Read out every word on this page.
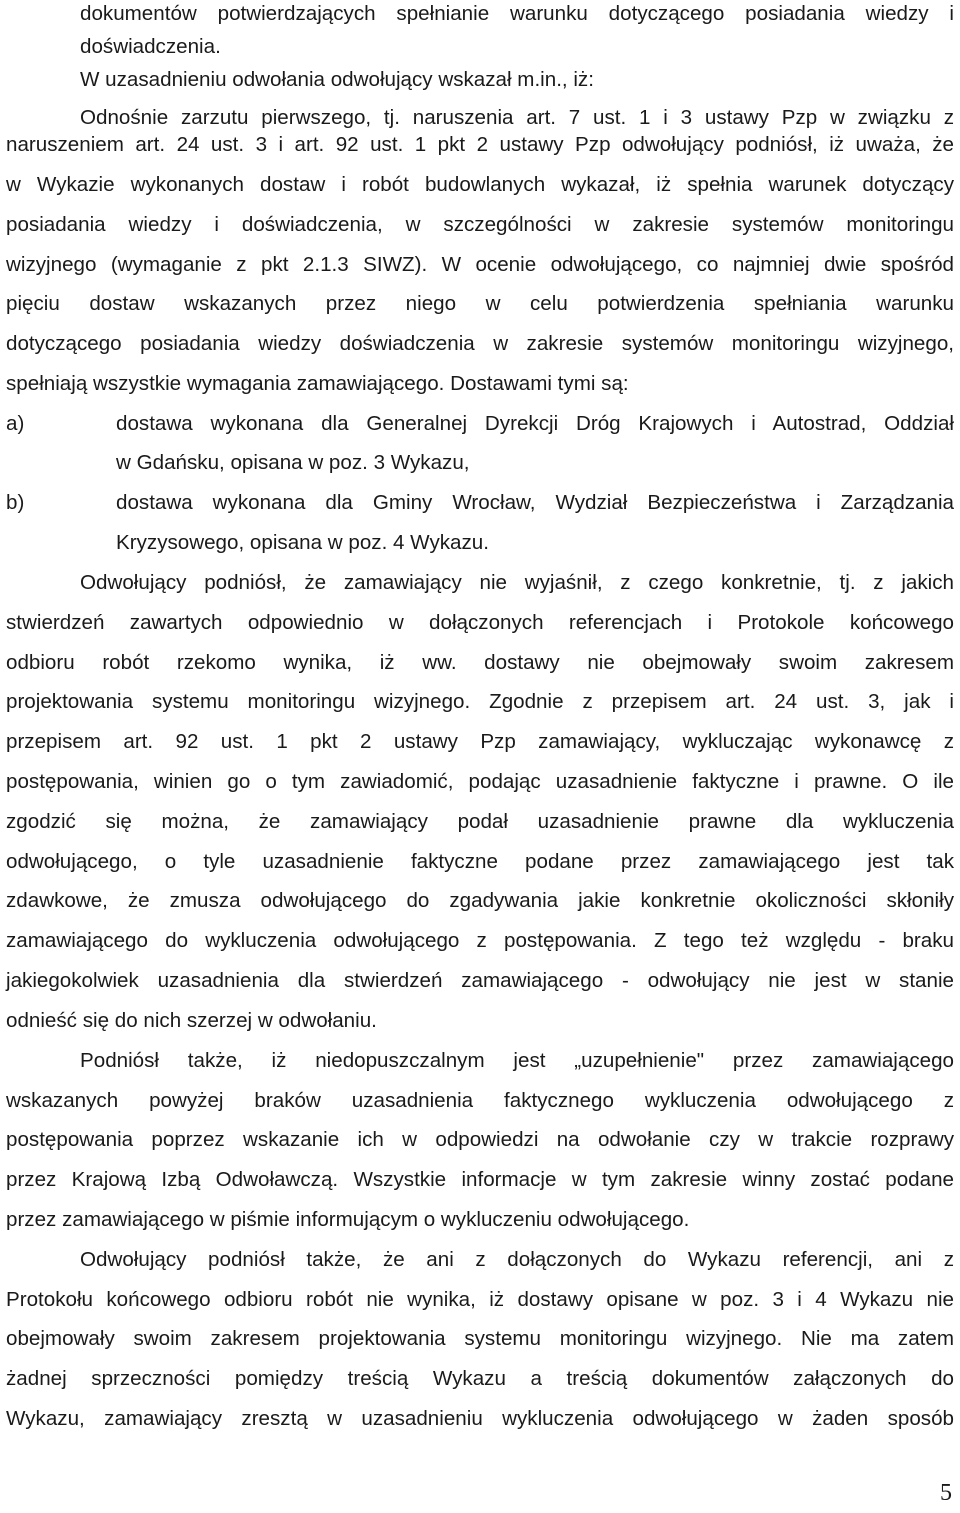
dokumentów potwierdzających spełnianie warunku dotyczącego posiadania wiedzy i
doświadczenia.
W uzasadnieniu odwołania odwołujący wskazał m.in., iż:
Odnośnie zarzutu pierwszego, tj. naruszenia art. 7 ust. 1 i 3 ustawy Pzp w związku z
naruszeniem art. 24 ust. 3 i art. 92 ust. 1 pkt 2 ustawy Pzp odwołujący podniósł, iż uważa, że
w Wykazie wykonanych dostaw i robót budowlanych wykazał, iż spełnia warunek dotyczący
posiadania wiedzy i doświadczenia, w szczególności w zakresie systemów monitoringu
wizyjnego (wymaganie z pkt 2.1.3 SIWZ). W ocenie odwołującego, co najmniej dwie spośród
pięciu dostaw wskazanych przez niego w celu potwierdzenia spełniania warunku
dotyczącego posiadania wiedzy doświadczenia w zakresie systemów monitoringu wizyjnego,
spełniają wszystkie wymagania zamawiającego. Dostawami tymi są:
a)	dostawa wykonana dla Generalnej Dyrekcji Dróg Krajowych i Autostrad, Oddział
w Gdańsku, opisana w poz. 3 Wykazu,
b)	dostawa wykonana dla Gminy Wrocław, Wydział Bezpieczeństwa i Zarządzania
Kryzysowego, opisana w poz. 4 Wykazu.
Odwołujący podniósł, że zamawiający nie wyjaśnił, z czego konkretnie, tj. z jakich
stwierdzeń zawartych odpowiednio w dołączonych referencjach i Protokole końcowego
odbioru robót rzekomo wynika, iż ww. dostawy nie obejmowały swoim zakresem
projektowania systemu monitoringu wizyjnego. Zgodnie z przepisem art. 24 ust. 3, jak i
przepisem art. 92 ust. 1 pkt 2 ustawy Pzp zamawiający, wykluczając wykonawcę z
postępowania, winien go o tym zawiadomić, podając uzasadnienie faktyczne i prawne. O ile
zgodzić się można, że zamawiający podał uzasadnienie prawne dla wykluczenia
odwołującego, o tyle uzasadnienie faktyczne podane przez zamawiającego jest tak
zdawkowe, że zmusza odwołującego do zgadywania jakie konkretnie okoliczności skłoniły
zamawiającego do wykluczenia odwołującego z postępowania. Z tego też względu - braku
jakiegokolwiek uzasadnienia dla stwierdzeń zamawiającego - odwołujący nie jest w stanie
odnieść się do nich szerzej w odwołaniu.
Podniósł także, iż niedopuszczalnym jest „uzupełnienie" przez zamawiającego
wskazanych powyżej braków uzasadnienia faktycznego wykluczenia odwołującego z
postępowania poprzez wskazanie ich w odpowiedzi na odwołanie czy w trakcie rozprawy
przez Krajową Izbą Odwoławczą. Wszystkie informacje w tym zakresie winny zostać podane
przez zamawiającego w piśmie informującym o wykluczeniu odwołującego.
Odwołujący podniósł także, że ani z dołączonych do Wykazu referencji, ani z
Protokołu końcowego odbioru robót nie wynika, iż dostawy opisane w poz. 3 i 4 Wykazu nie
obejmowały swoim zakresem projektowania systemu monitoringu wizyjnego. Nie ma zatem
żadnej sprzeczności pomiędzy treścią Wykazu a treścią dokumentów załączonych do
Wykazu, zamawiający zresztą w uzasadnieniu wykluczenia odwołującego w żaden sposób
5
